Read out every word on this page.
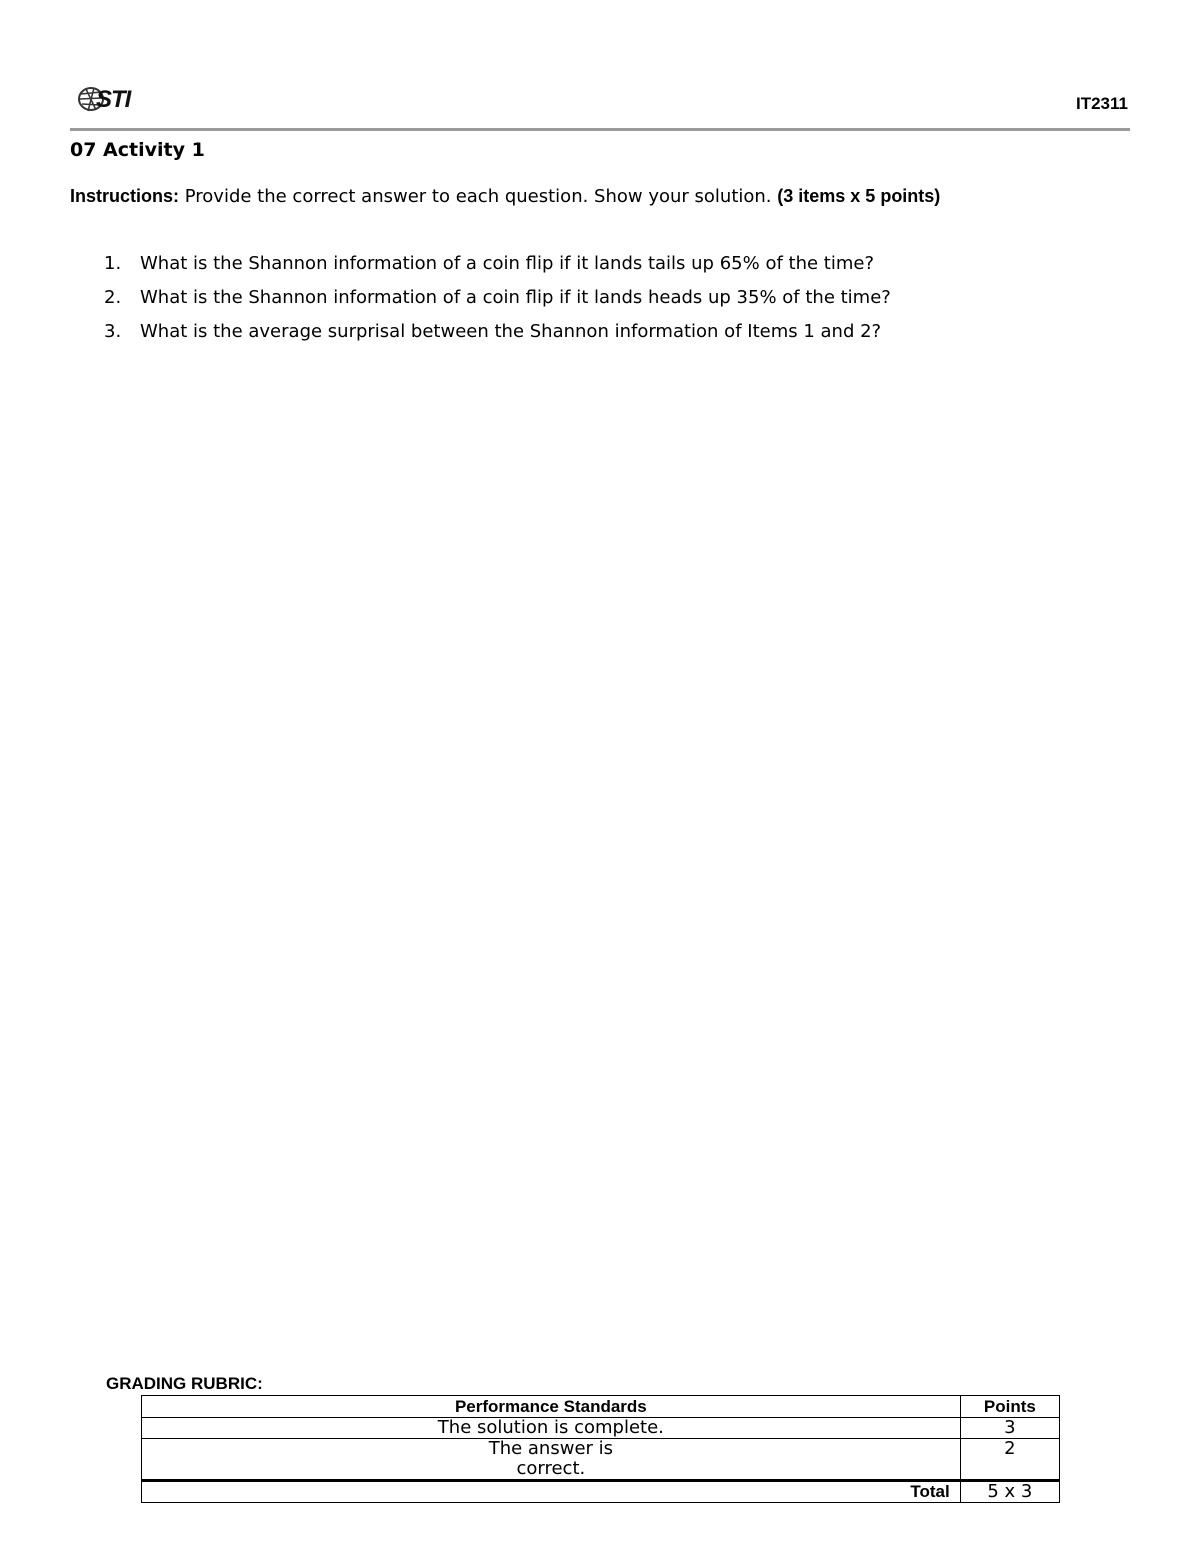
STI	IT2311
07 Activity 1
Instructions: Provide the correct answer to each question. Show your solution. (3 items x 5 points)
1.	What is the Shannon information of a coin flip if it lands tails up 65% of the time?
2.	What is the Shannon information of a coin flip if it lands heads up 35% of the time?
3.	What is the average surprisal between the Shannon information of Items 1 and 2?
GRADING RUBRIC:
Performance Standards	Points
The solution is complete.	3
The answer is correct.	2
Total	5 x 3
